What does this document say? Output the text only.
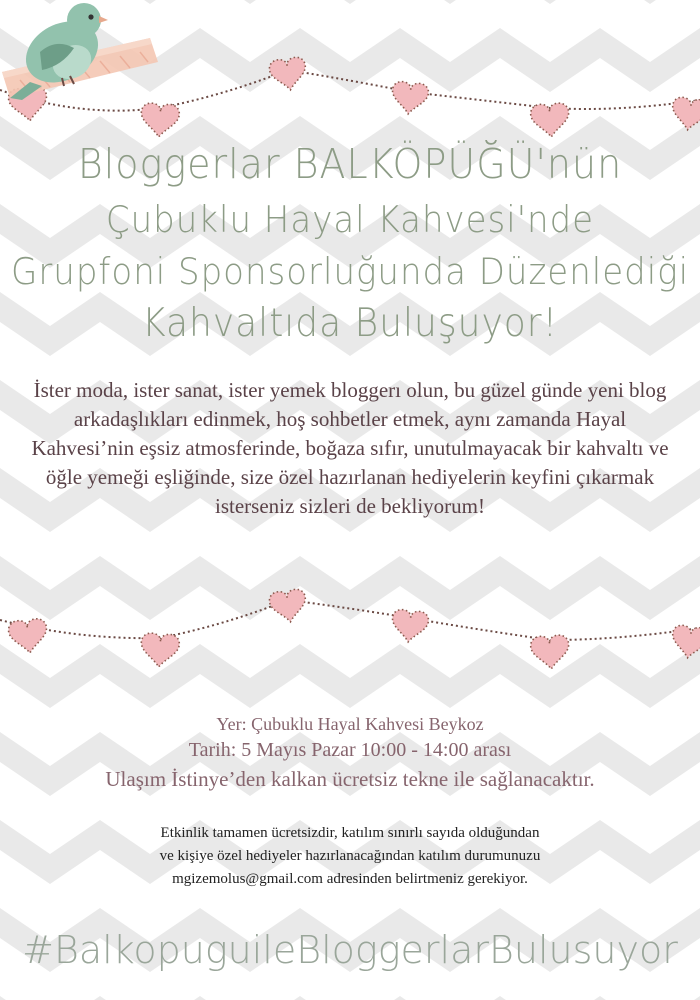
Bloggerlar BALKÖPÜĞÜ'nün
Çubuklu Hayal Kahvesi'nde
Grupfoni Sponsorluğunda Düzenlediği
Kahvaltıda Buluşuyor!

İster moda, ister sanat, ister yemek bloggerı olun, bu güzel günde yeni blog arkadaşlıkları edinmek, hoş sohbetler etmek, aynı zamanda Hayal Kahvesi’nin eşsiz atmosferinde, boğaza sıfır, unutulmayacak bir kahvaltı ve öğle yemeği eşliğinde, size özel hazırlanan hediyelerin keyfini çıkarmak isterseniz sizleri de bekliyorum!

Yer: Çubuklu Hayal Kahvesi Beykoz
Tarih: 5 Mayıs Pazar 10:00 - 14:00 arası
Ulaşım İstinye’den kalkan ücretsiz tekne ile sağlanacaktır.
Etkinlik tamamen ücretsizdir, katılım sınırlı sayıda olduğundan
ve kişiye özel hediyeler hazırlanacağından katılım durumunuzu
mgizemolus@gmail.com adresinden belirtmeniz gerekiyor.
#BalkopuguileBloggerlarBulusuyor
